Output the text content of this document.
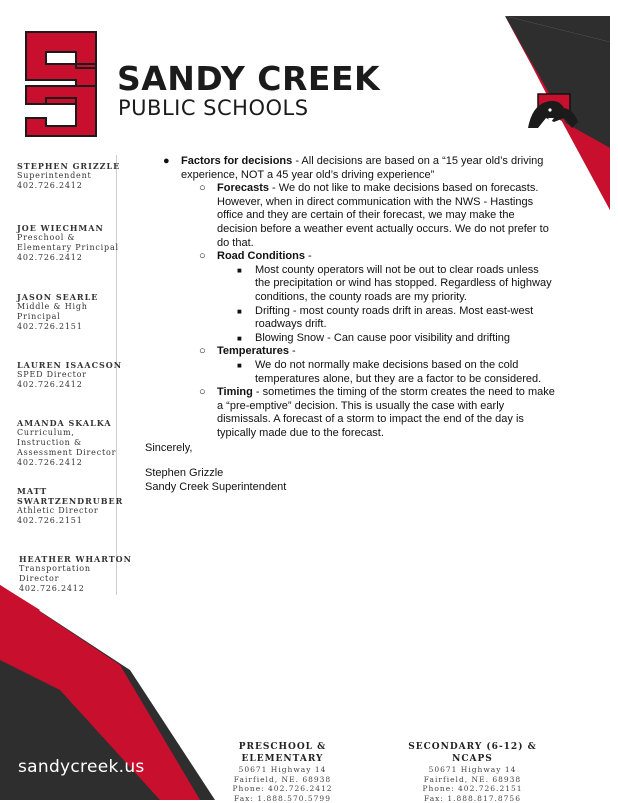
SANDY CREEK
PUBLIC SCHOOLS
STEPHEN GRIZZLE
Superintendent
402.726.2412
JOE WIECHMAN
Preschool &
Elementary Principal
402.726.2412
JASON SEARLE
Middle & High
Principal
402.726.2151
LAUREN ISAACSON
SPED Director
402.726.2412
AMANDA SKALKA
Curriculum,
Instruction &
Assessment Director
402.726.2412
MATT
SWARTZENDRUBER
Athletic Director
402.726.2151
HEATHER WHARTON
Transportation
Director
402.726.2412
● Factors for decisions - All decisions are based on a “15 year old’s driving experience, NOT a 45 year old’s driving experience”
○ Forecasts - We do not like to make decisions based on forecasts. However, when in direct communication with the NWS - Hastings office and they are certain of their forecast, we may make the decision before a weather event actually occurs. We do not prefer to do that.
○ Road Conditions -
■ Most county operators will not be out to clear roads unless the precipitation or wind has stopped. Regardless of highway conditions, the county roads are my priority.
■ Drifting - most county roads drift in areas. Most east-west roadways drift.
■ Blowing Snow - Can cause poor visibility and drifting
○ Temperatures -
■ We do not normally make decisions based on the cold temperatures alone, but they are a factor to be considered.
○ Timing - sometimes the timing of the storm creates the need to make a “pre-emptive” decision. This is usually the case with early dismissals. A forecast of a storm to impact the end of the day is typically made due to the forecast.
Sincerely,
Stephen Grizzle
Sandy Creek Superintendent
sandycreek.us
PRESCHOOL & ELEMENTARY
50671 Highway 14
Fairfield, NE. 68938
Phone: 402.726.2412
Fax: 1.888.570.5799
SECONDARY (6-12) & NCAPS
50671 Highway 14
Fairfield, NE. 68938
Phone: 402.726.2151
Fax: 1.888.817.8756
